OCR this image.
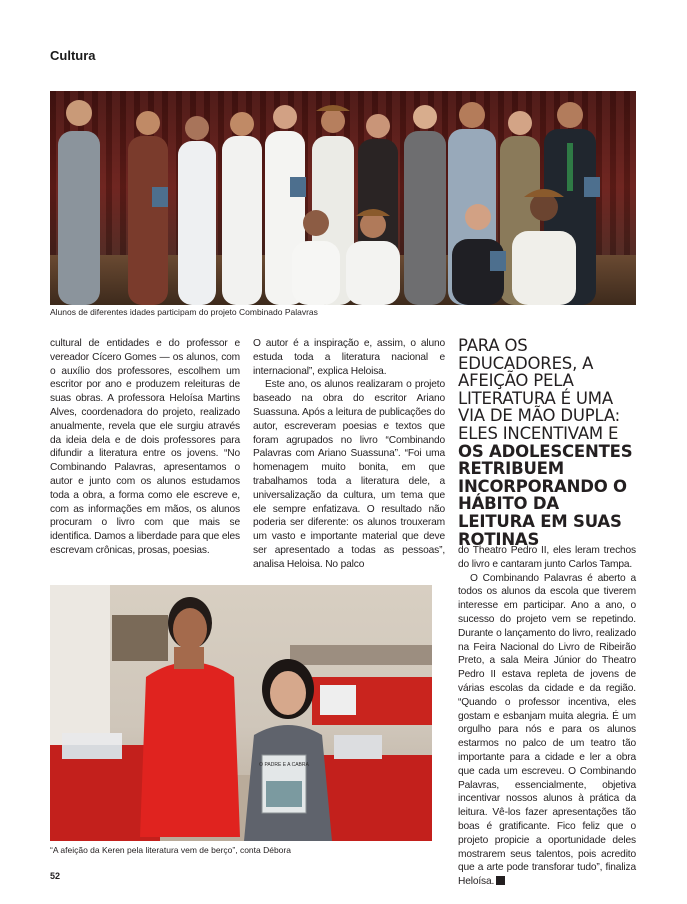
Cultura
Alunos de diferentes idades participam do projeto Combinado Palavras

cultural de entidades e do professor e vereador Cícero Gomes — os alunos, com o auxílio dos professores, escolhem um escritor por ano e produzem releituras de suas obras. A professora Heloísa Martins Alves, coordenadora do projeto, realizado anualmente, revela que ele surgiu através da ideia dela e de dois professores para difundir a literatura entre os jovens. “No Combinando Palavras, apresentamos o autor e junto com os alunos estudamos toda a obra, a forma como ele escreve e, com as informações em mãos, os alunos procuram o livro com que mais se identifica. Damos a liberdade para que eles escrevam crônicas, prosas, poesias.

O autor é a inspiração e, assim, o aluno estuda toda a literatura nacional e internacional”, explica Heloisa.

Este ano, os alunos realizaram o projeto baseado na obra do escritor Ariano Suassuna. Após a leitura de publicações do autor, escreveram poesias e textos que foram agrupados no livro “Combinando Palavras com Ariano Suassuna”. “Foi uma homenagem muito bonita, em que trabalhamos toda a literatura dele, a universalização da cultura, um tema que ele sempre enfatizava. O resultado não poderia ser diferente: os alunos trouxeram um vasto e importante material que deve ser apresentado a todas as pessoas”, analisa Heloisa. No palco

PARA OS EDUCADORES, A AFEIÇÃO PELA LITERATURA É UMA VIA DE MÃO DUPLA: ELES INCENTIVAM E OS ADOLESCENTES RETRIBUEM INCORPORANDO O HÁBITO DA LEITURA EM SUAS ROTINAS

do Theatro Pedro II, eles leram trechos do livro e cantaram junto Carlos Tampa.

O Combinando Palavras é aberto a todos os alunos da escola que tiverem interesse em participar. Ano a ano, o sucesso do projeto vem se repetindo. Durante o lançamento do livro, realizado na Feira Nacional do Livro de Ribeirão Preto, a sala Meira Júnior do Theatro Pedro II estava repleta de jovens de várias escolas da cidade e da região. “Quando o professor incentiva, eles gostam e esbanjam muita alegria. É um orgulho para nós e para os alunos estarmos no palco de um teatro tão importante para a cidade e ler a obra que cada um escreveu. O Combinando Palavras, essencialmente, objetiva incentivar nossos alunos à prática da leitura. Vê-los fazer apresentações tão boas é gratificante. Fico feliz que o projeto propicie a oportunidade deles mostrarem seus talentos, pois acredito que a arte pode transforar tudo”, finaliza Heloísa.

O PADRE E A CABRA
“A afeição da Keren pela literatura vem de berço”, conta Débora
52
